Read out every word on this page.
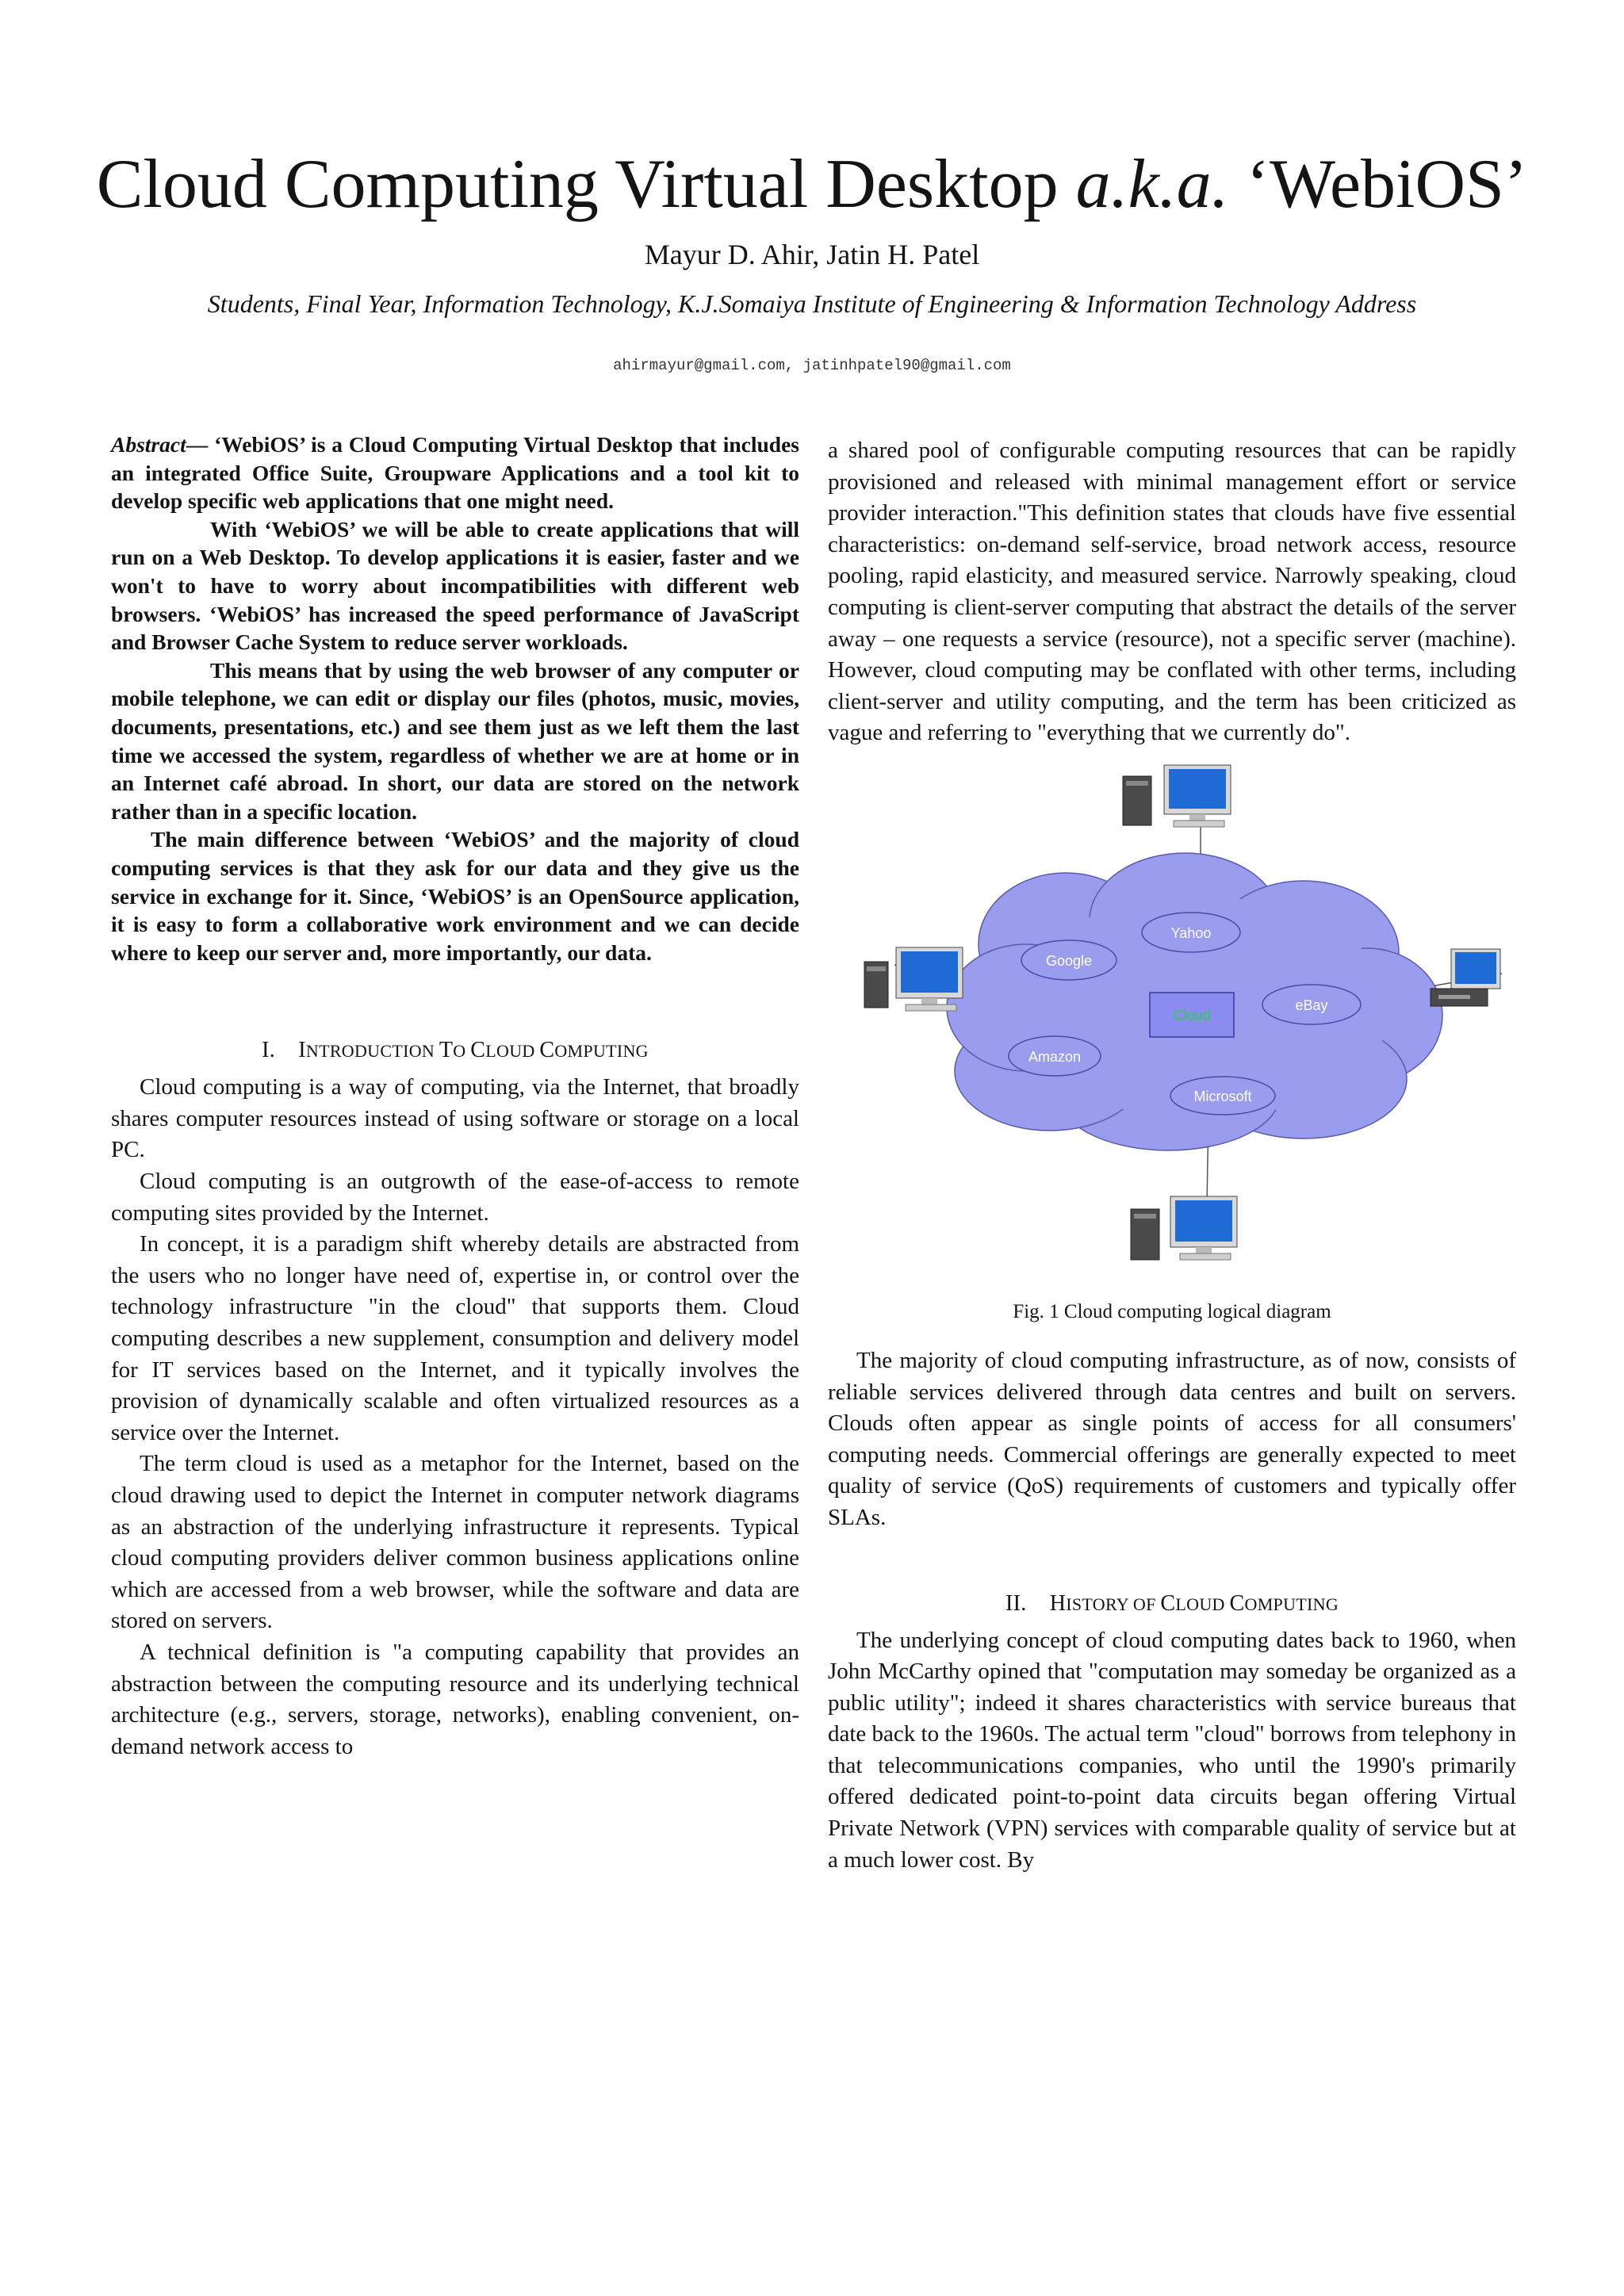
Cloud Computing Virtual Desktop a.k.a. ‘WebiOS’
Mayur D. Ahir, Jatin H. Patel
Students, Final Year, Information Technology, K.J.Somaiya Institute of Engineering & Information Technology Address
ahirmayur@gmail.com, jatinhpatel90@gmail.com

Abstract— ‘WebiOS’ is a Cloud Computing Virtual Desktop that includes an integrated Office Suite, Groupware Applications and a tool kit to develop specific web applications that one might need.

With ‘WebiOS’ we will be able to create applications that will run on a Web Desktop. To develop applications it is easier, faster and we won't to have to worry about incompatibilities with different web browsers. ‘WebiOS’ has increased the speed performance of JavaScript and Browser Cache System to reduce server workloads.

This means that by using the web browser of any computer or mobile telephone, we can edit or display our files (photos, music, movies, documents, presentations, etc.) and see them just as we left them the last time we accessed the system, regardless of whether we are at home or in an Internet café abroad. In short, our data are stored on the network rather than in a specific location.

The main difference between ‘WebiOS’ and the majority of cloud computing services is that they ask for our data and they give us the service in exchange for it. Since, ‘WebiOS’ is an OpenSource application, it is easy to form a collaborative work environment and we can decide where to keep our server and, more importantly, our data.

I. INTRODUCTION TO CLOUD COMPUTING

Cloud computing is a way of computing, via the Internet, that broadly shares computer resources instead of using software or storage on a local PC.

Cloud computing is an outgrowth of the ease-of-access to remote computing sites provided by the Internet.

In concept, it is a paradigm shift whereby details are abstracted from the users who no longer have need of, expertise in, or control over the technology infrastructure "in the cloud" that supports them. Cloud computing describes a new supplement, consumption and delivery model for IT services based on the Internet, and it typically involves the provision of dynamically scalable and often virtualized resources as a service over the Internet.

The term cloud is used as a metaphor for the Internet, based on the cloud drawing used to depict the Internet in computer network diagrams as an abstraction of the underlying infrastructure it represents. Typical cloud computing providers deliver common business applications online which are accessed from a web browser, while the software and data are stored on servers.

A technical definition is "a computing capability that provides an abstraction between the computing resource and its underlying technical architecture (e.g., servers, storage, networks), enabling convenient, on-demand network access to

a shared pool of configurable computing resources that can be rapidly provisioned and released with minimal management effort or service provider interaction."This definition states that clouds have five essential characteristics: on-demand self-service, broad network access, resource pooling, rapid elasticity, and measured service. Narrowly speaking, cloud computing is client-server computing that abstract the details of the server away – one requests a service (resource), not a specific server (machine). However, cloud computing may be conflated with other terms, including client-server and utility computing, and the term has been criticized as vague and referring to "everything that we currently do".

Yahoo
Google
eBay
Amazon
Microsoft
Cloud

Fig. 1 Cloud computing logical diagram

The majority of cloud computing infrastructure, as of now, consists of reliable services delivered through data centres and built on servers. Clouds often appear as single points of access for all consumers' computing needs. Commercial offerings are generally expected to meet quality of service (QoS) requirements of customers and typically offer SLAs.

II. HISTORY OF CLOUD COMPUTING

The underlying concept of cloud computing dates back to 1960, when John McCarthy opined that "computation may someday be organized as a public utility"; indeed it shares characteristics with service bureaus that date back to the 1960s. The actual term "cloud" borrows from telephony in that telecommunications companies, who until the 1990's primarily offered dedicated point-to-point data circuits began offering Virtual Private Network (VPN) services with comparable quality of service but at a much lower cost. By
